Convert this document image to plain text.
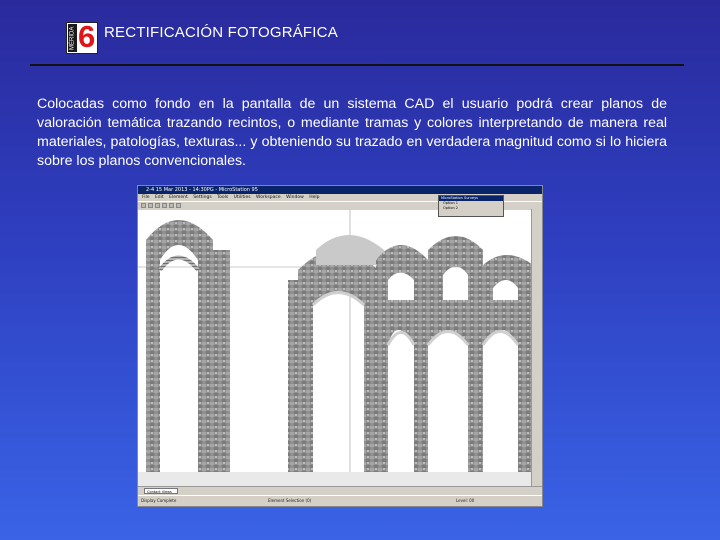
MÉRIDA 6 RECTIFICACIÓN FOTOGRÁFICA
Colocadas como fondo en la pantalla de un sistema CAD el usuario podrá crear planos de valoración temática trazando recintos, o mediante tramas y colores interpretando de manera real materiales, patologías, texturas... y obteniendo su trazado en verdadera magnitud como si lo hiciera sobre los planos convencionales.
2-4 15 Mar 2013 - 14:30PG - MicroStation 95
File Edit Element Settings Tools Utilities Workspace Window Help	MicroStation Surveys
Option 1
Option 2
Contact Views
Display Complete	Element Selection (0)	Level: 00
